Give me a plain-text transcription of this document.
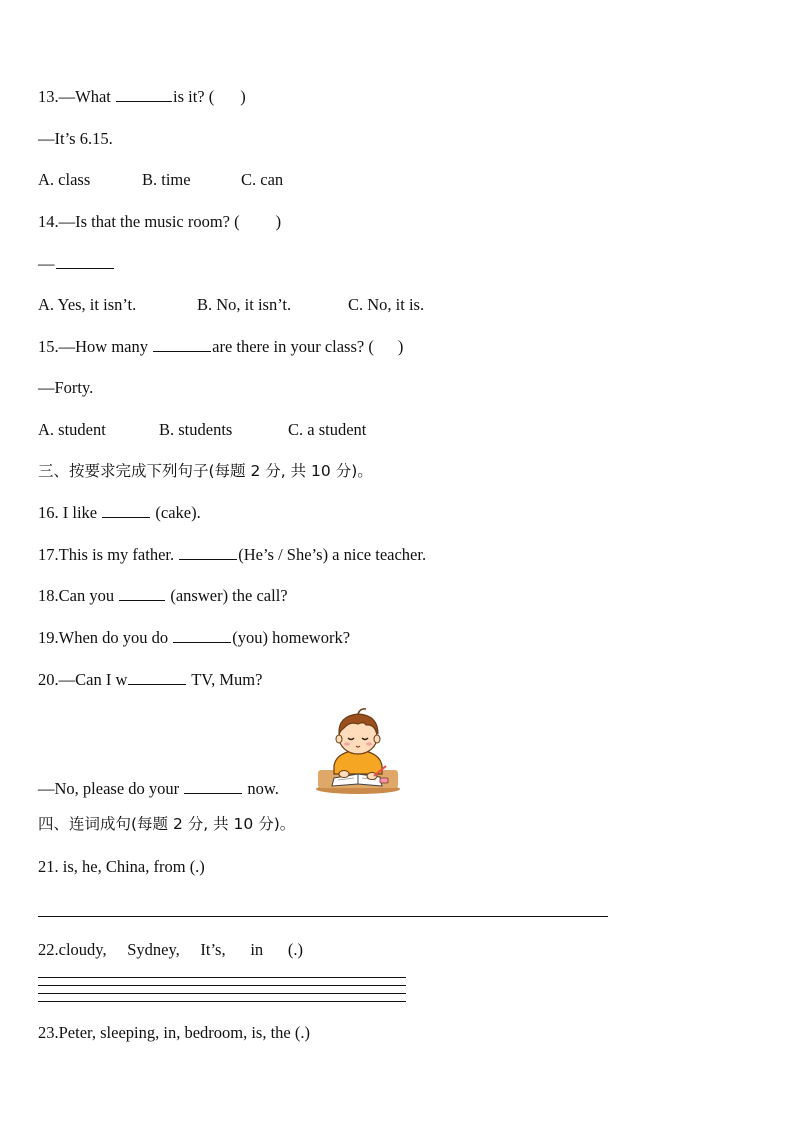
13.—What	is it? ( )
—It’s 6.15.
A. class	B. time	C. can
14.—Is that the music room? ( )
—
A. Yes, it isn’t.	B. No, it isn’t.	C. No, it is.
15.—How many	are there in your class? ( )
—Forty.
A. student	B. students	C. a student
三、按要求完成下列句子(每题 2 分, 共 10 分)。
16. I like	(cake).
17.This is my father.	(He’s / She’s) a nice teacher.
18.Can you	(answer) the call?
19.When do you do	(you) homework?
20.—Can I w	TV, Mum?
—No, please do your	now.
四、连词成句(每题 2 分, 共 10 分)。
21. is, he, China, from (.)
22.cloudy,     Sydney,     It’s,      in      (.)
23.Peter, sleeping, in, bedroom, is, the (.)
